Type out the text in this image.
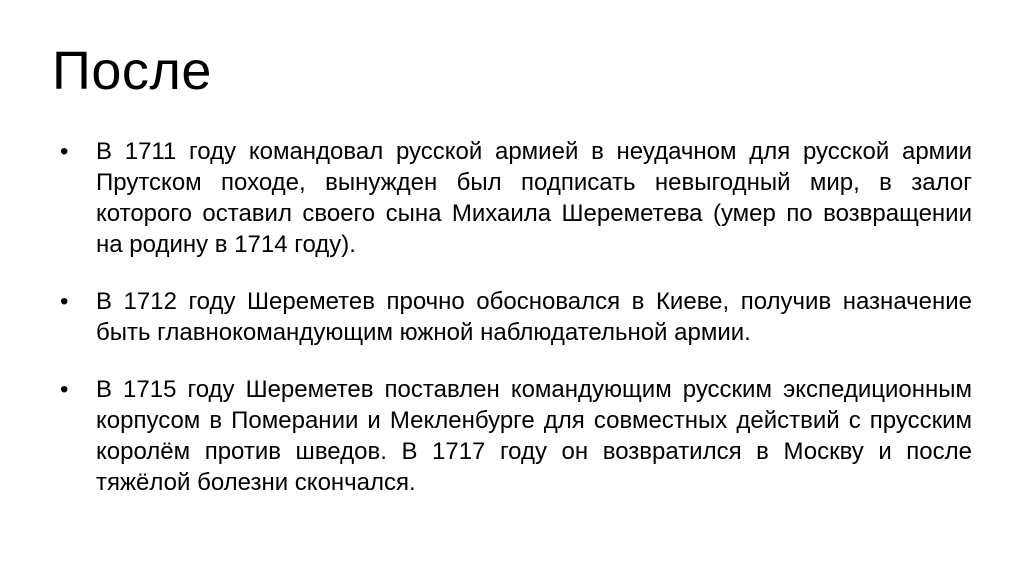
После
• В 1711 году командовал русской армией в неудачном для русской армии Прутском походе, вынужден был подписать невыгодный мир, в залог которого оставил своего сына Михаила Шереметева (умер по возвращении на родину в 1714 году).
• В 1712 году Шереметев прочно обосновался в Киеве, получив назначение быть главнокомандующим южной наблюдательной армии.
• В 1715 году Шереметев поставлен командующим русским экспедиционным корпусом в Померании и Мекленбурге для совместных действий с прусским королём против шведов. В 1717 году он возвратился в Москву и после тяжёлой болезни скончался.
